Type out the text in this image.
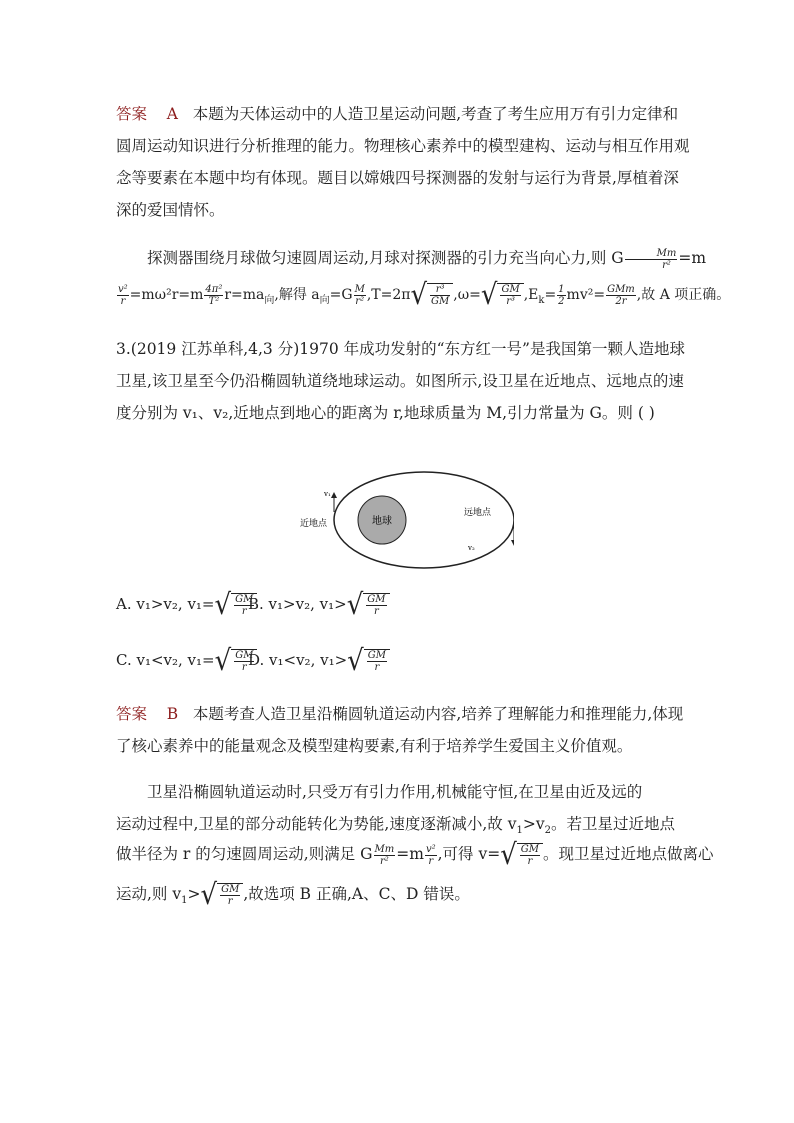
答案 A 本题为天体运动中的人造卫星运动问题,考查了考生应用万有引力定律和圆周运动知识进行分析推理的能力。物理核心素养中的模型建构、运动与相互作用观念等要素在本题中均有体现。题目以嫦娥四号探测器的发射与运行为背景,厚植着深深的爱国情怀。
探测器围绕月球做匀速圆周运动,月球对探测器的引力充当向心力,则 G $\frac{Mm}{\text{r²}} =m$
$\frac{\text{v²}}{r} =m\omega^2r=m \frac{\text{4π²}}{\text{T²}} r=ma_向$,解得 $a_向=G \frac{M}{\text{r²}} ,T=2\pi$ √ $\frac{\text{r³}}{GM} ,\omega=$ √ $\frac{GM}{\text{r³}} ,E_k= \frac{1}{2} mv^2= \frac{\text{GMm}}{2r}$ ,故 A 项正确。
3.(2019 江苏单科,4,3 分)1970 年成功发射的“东方红一号”是我国第一颗人造地球卫星,该卫星至今仍沿椭圆轨道绕地球运动。如图所示,设卫星在近地点、远地点的速度分别为 v₁、v₂,近地点到地心的距离为 r,地球质量为 M,引力常量为 G。则 ( )
地球
v₁
近地点
v₂
远地点
A. v₁>v₂, v₁= √ $\frac{GM}{r}$
B. v₁>v₂, v₁> √ $\frac{GM}{r}$
C. v₁<v₂, v₁= √ $\frac{GM}{r}$
D. v₁<v₂, v₁> √ $\frac{GM}{r}$
答案 B 本题考查人造卫星沿椭圆轨道运动内容,培养了理解能力和推理能力,体现了核心素养中的能量观念及模型建构要素,有利于培养学生爱国主义价值观。
卫星沿椭圆轨道运动时,只受万有引力作用,机械能守恒,在卫星由近及远的
运动过程中,卫星的部分动能转化为势能,速度逐渐减小,故 $v_1>v_2$。若卫星过近地点
做半径为 r 的匀速圆周运动,则满足 G $\frac{Mm}{\text{r²}} =m \frac{\text{v²}}{r}$ ,可得 v= √ $\frac{GM}{r}$ 。现卫星过近地点做离心
运动,则 $v_1>$ √ $\frac{GM}{r}$ ,故选项 B 正确,A、C、D 错误。
